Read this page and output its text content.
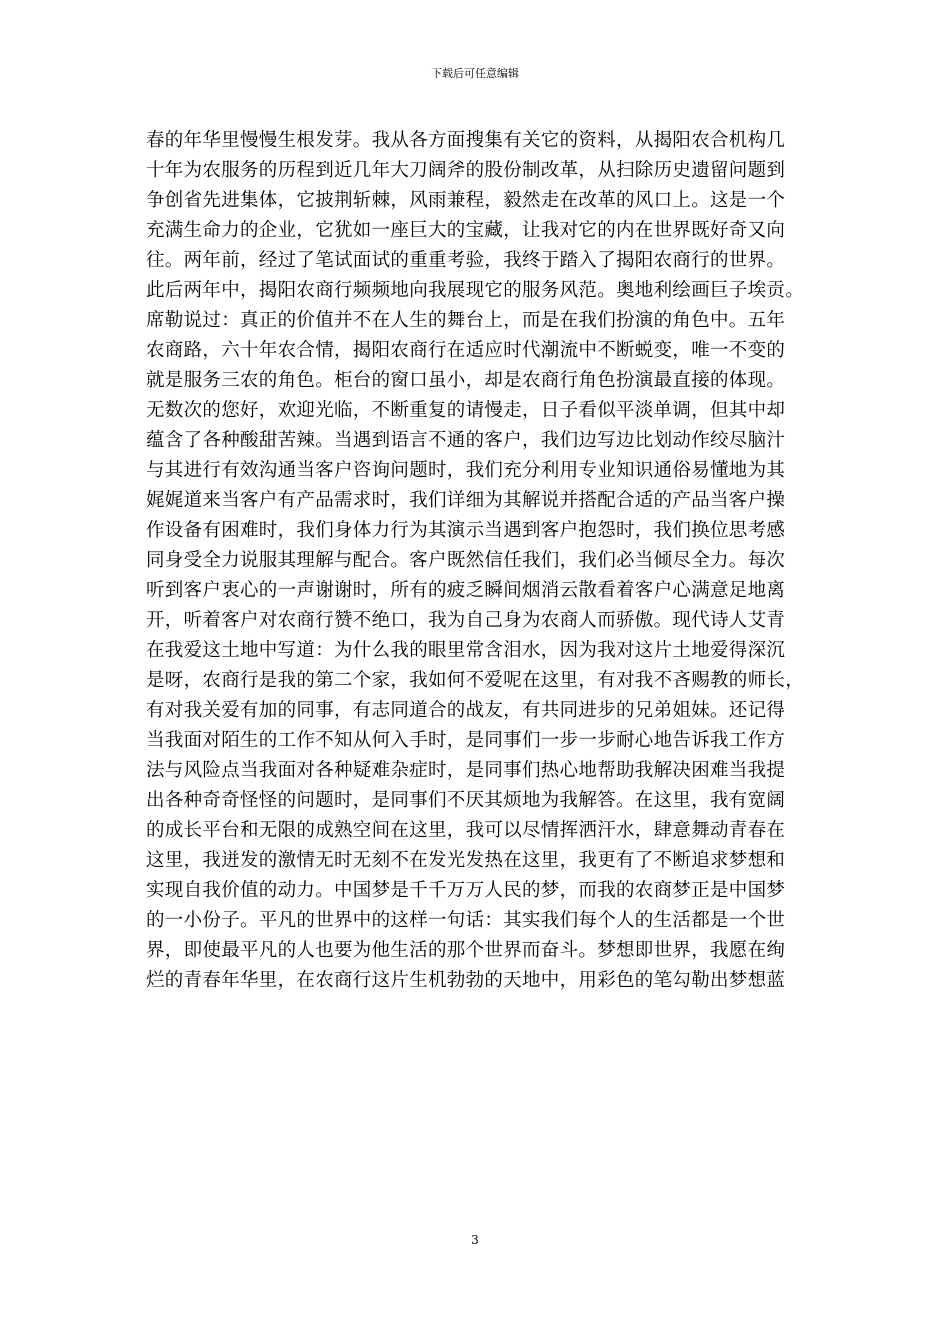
下载后可任意编辑
春的年华里慢慢生根发芽。我从各方面搜集有关它的资料，从揭阳农合机构几
十年为农服务的历程到近几年大刀阔斧的股份制改革，从扫除历史遗留问题到
争创省先进集体，它披荆斩棘，风雨兼程，毅然走在改革的风口上。这是一个
充满生命力的企业，它犹如一座巨大的宝藏，让我对它的内在世界既好奇又向
往。两年前，经过了笔试面试的重重考验，我终于踏入了揭阳农商行的世界。
此后两年中，揭阳农商行频频地向我展现它的服务风范。奥地利绘画巨子埃贡。
席勒说过：真正的价值并不在人生的舞台上，而是在我们扮演的角色中。五年
农商路，六十年农合情，揭阳农商行在适应时代潮流中不断蜕变，唯一不变的
就是服务三农的角色。柜台的窗口虽小，却是农商行角色扮演最直接的体现。
无数次的您好，欢迎光临，不断重复的请慢走，日子看似平淡单调，但其中却
蕴含了各种酸甜苦辣。当遇到语言不通的客户，我们边写边比划动作绞尽脑汁
与其进行有效沟通当客户咨询问题时，我们充分利用专业知识通俗易懂地为其
娓娓道来当客户有产品需求时，我们详细为其解说并搭配合适的产品当客户操
作设备有困难时，我们身体力行为其演示当遇到客户抱怨时，我们换位思考感
同身受全力说服其理解与配合。客户既然信任我们，我们必当倾尽全力。每次
听到客户衷心的一声谢谢时，所有的疲乏瞬间烟消云散看着客户心满意足地离
开，听着客户对农商行赞不绝口，我为自己身为农商人而骄傲。现代诗人艾青
在我爱这土地中写道：为什么我的眼里常含泪水，因为我对这片土地爱得深沉
是呀，农商行是我的第二个家，我如何不爱呢在这里，有对我不吝赐教的师长，
有对我关爱有加的同事，有志同道合的战友，有共同进步的兄弟姐妹。还记得
当我面对陌生的工作不知从何入手时，是同事们一步一步耐心地告诉我工作方
法与风险点当我面对各种疑难杂症时，是同事们热心地帮助我解决困难当我提
出各种奇奇怪怪的问题时，是同事们不厌其烦地为我解答。在这里，我有宽阔
的成长平台和无限的成熟空间在这里，我可以尽情挥洒汗水，肆意舞动青春在
这里，我迸发的激情无时无刻不在发光发热在这里，我更有了不断追求梦想和
实现自我价值的动力。中国梦是千千万万人民的梦，而我的农商梦正是中国梦
的一小份子。平凡的世界中的这样一句话：其实我们每个人的生活都是一个世
界，即使最平凡的人也要为他生活的那个世界而奋斗。梦想即世界，我愿在绚
烂的青春年华里，在农商行这片生机勃勃的天地中，用彩色的笔勾勒出梦想蓝
3
